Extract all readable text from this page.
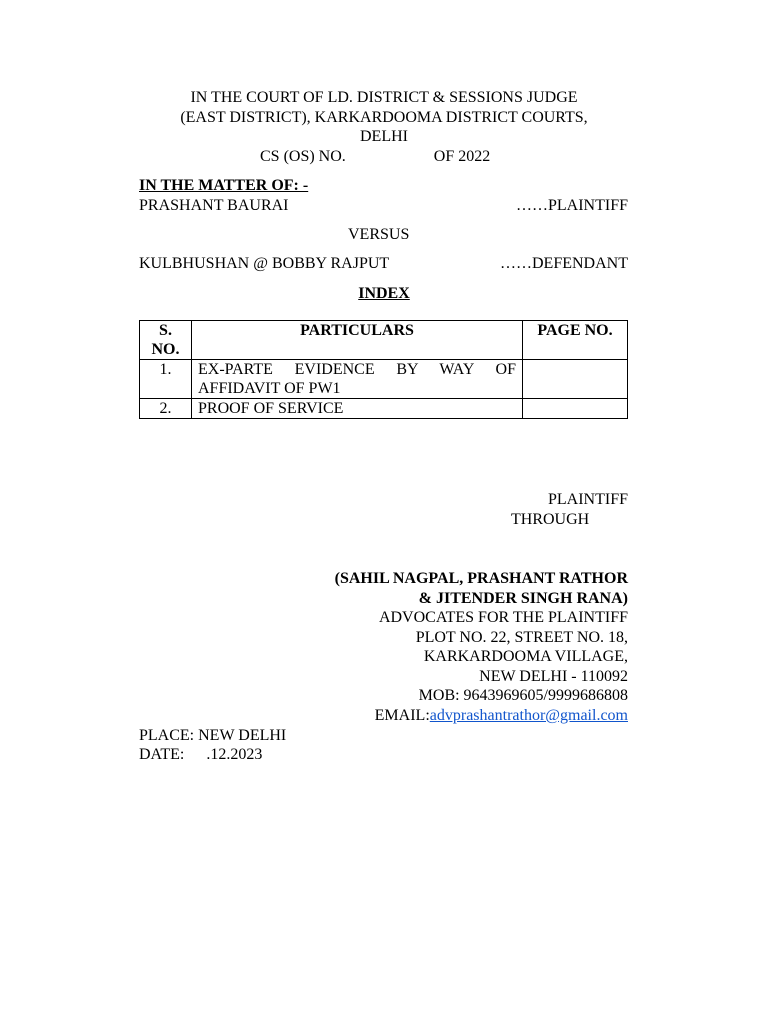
IN THE COURT OF LD. DISTRICT & SESSIONS JUDGE
(EAST DISTRICT), KARKARDOOMA DISTRICT COURTS,
DELHI
CS (OS) NO.	OF 2022
IN THE MATTER OF: -
PRASHANT BAURAI	……PLAINTIFF
VERSUS
KULBHUSHAN @ BOBBY RAJPUT	……DEFENDANT
INDEX
S. NO.	PARTICULARS	PAGE NO.
1.	EX-PARTE EVIDENCE BY WAY OF AFFIDAVIT OF PW1	
2.	PROOF OF SERVICE	
PLAINTIFF
THROUGH
(SAHIL NAGPAL, PRASHANT RATHOR
& JITENDER SINGH RANA)
ADVOCATES FOR THE PLAINTIFF
PLOT NO. 22, STREET NO. 18,
KARKARDOOMA VILLAGE,
NEW DELHI - 110092
MOB: 9643969605/9999686808
EMAIL:advprashantrathor@gmail.com
PLACE: NEW DELHI
DATE: .12.2023
